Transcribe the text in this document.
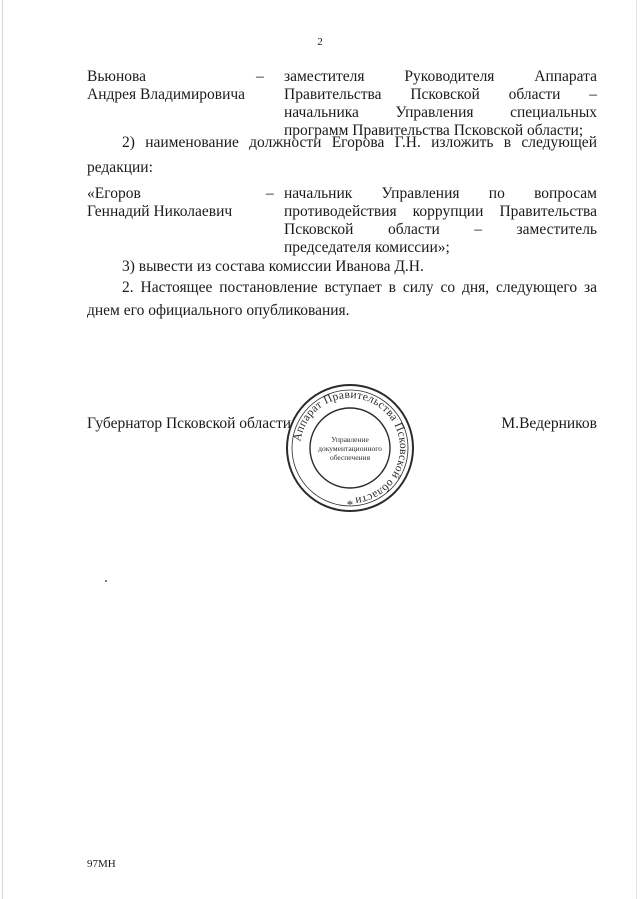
2
Вьюнова
Андрея Владимировича
– заместителя Руководителя Аппарата
Правительства Псковской области –
начальника Управления специальных
программ Правительства Псковской области;
2) наименование должности Егорова Г.Н. изложить в следующей
редакции:
«Егоров
Геннадий Николаевич
– начальник Управления по вопросам
противодействия коррупции Правительства
Псковской области – заместитель
председателя комиссии»;
3) вывести из состава комиссии Иванова Д.Н.
2. Настоящее постановление вступает в силу со дня, следующего за
днем его официального опубликования.
Губернатор Псковской области	М.Ведерников
Аппарат Правительства Псковской области
Управление
документационного
обеспечения
*
97МН
